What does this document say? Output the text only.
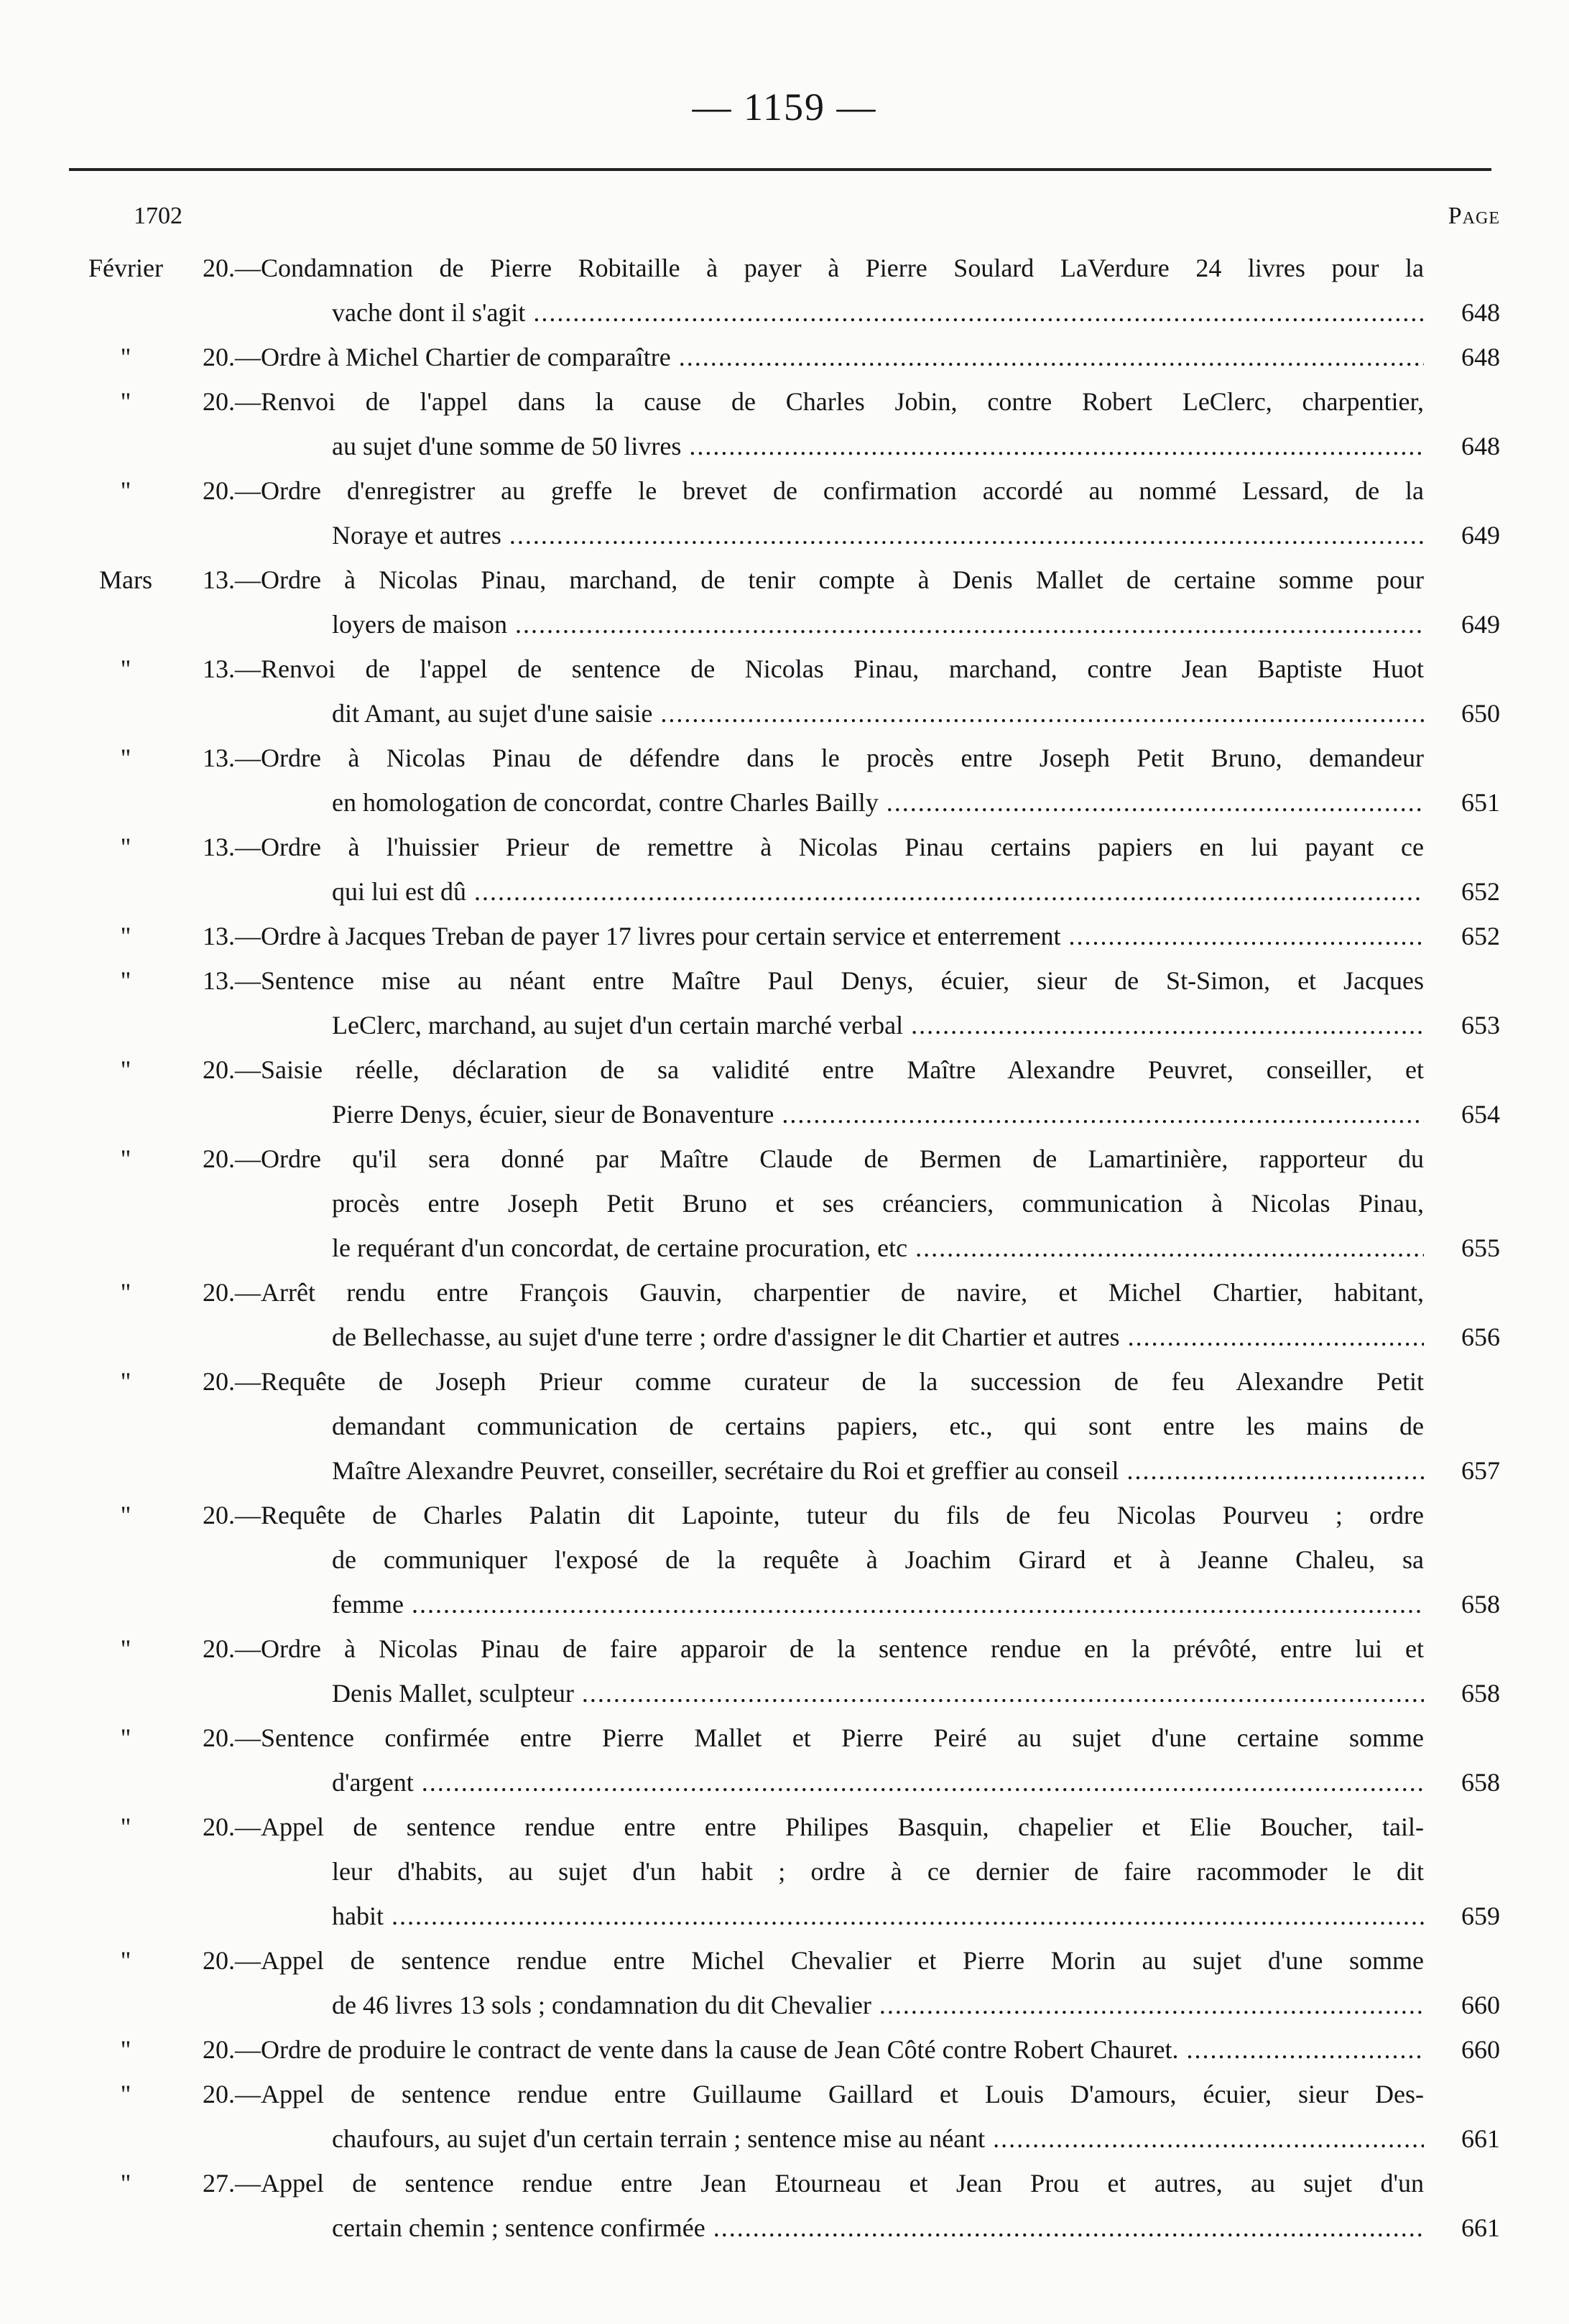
— 1159 —
1702	Page
Février	20.—Condamnation de Pierre Robitaille à payer à Pierre Soulard LaVerdure 24 livres pour la
vache dont il s'agit .....	648
"	20.—Ordre à Michel Chartier de comparaître .....	648
"	20.—Renvoi de l'appel dans la cause de Charles Jobin, contre Robert LeClerc, charpentier,
au sujet d'une somme de 50 livres .....	648
"	20.—Ordre d'enregistrer au greffe le brevet de confirmation accordé au nommé Lessard, de la
Noraye et autres .....	649
Mars	13.—Ordre à Nicolas Pinau, marchand, de tenir compte à Denis Mallet de certaine somme pour
loyers de maison .....	649
"	13.—Renvoi de l'appel de sentence de Nicolas Pinau, marchand, contre Jean Baptiste Huot
dit Amant, au sujet d'une saisie .....	650
"	13.—Ordre à Nicolas Pinau de défendre dans le procès entre Joseph Petit Bruno, demandeur
en homologation de concordat, contre Charles Bailly .....	651
"	13.—Ordre à l'huissier Prieur de remettre à Nicolas Pinau certains papiers en lui payant ce
qui lui est dû .....	652
"	13.—Ordre à Jacques Treban de payer 17 livres pour certain service et enterrement .....	652
"	13.—Sentence mise au néant entre Maître Paul Denys, écuier, sieur de St-Simon, et Jacques
LeClerc, marchand, au sujet d'un certain marché verbal .....	653
"	20.—Saisie réelle, déclaration de sa validité entre Maître Alexandre Peuvret, conseiller, et
Pierre Denys, écuier, sieur de Bonaventure .....	654
"	20.—Ordre qu'il sera donné par Maître Claude de Bermen de Lamartinière, rapporteur du
procès entre Joseph Petit Bruno et ses créanciers, communication à Nicolas Pinau,
le requérant d'un concordat, de certaine procuration, etc .....	655
"	20.—Arrêt rendu entre François Gauvin, charpentier de navire, et Michel Chartier, habitant,
de Bellechasse, au sujet d'une terre ; ordre d'assigner le dit Chartier et autres .....	656
"	20.—Requête de Joseph Prieur comme curateur de la succession de feu Alexandre Petit
demandant communication de certains papiers, etc., qui sont entre les mains de
Maître Alexandre Peuvret, conseiller, secrétaire du Roi et greffier au conseil .....	657
"	20.—Requête de Charles Palatin dit Lapointe, tuteur du fils de feu Nicolas Pourveu ; ordre
de communiquer l'exposé de la requête à Joachim Girard et à Jeanne Chaleu, sa
femme .....	658
"	20.—Ordre à Nicolas Pinau de faire apparoir de la sentence rendue en la prévôté, entre lui et
Denis Mallet, sculpteur .....	658
"	20.—Sentence confirmée entre Pierre Mallet et Pierre Peiré au sujet d'une certaine somme
d'argent .....	658
"	20.—Appel de sentence rendue entre entre Philipes Basquin, chapelier et Elie Boucher, tail-
leur d'habits, au sujet d'un habit ; ordre à ce dernier de faire racommoder le dit
habit .....	659
"	20.—Appel de sentence rendue entre Michel Chevalier et Pierre Morin au sujet d'une somme
de 46 livres 13 sols ; condamnation du dit Chevalier .....	660
"	20.—Ordre de produire le contract de vente dans la cause de Jean Côté contre Robert Chauret. .....	660
"	20.—Appel de sentence rendue entre Guillaume Gaillard et Louis D'amours, écuier, sieur Des-
chaufours, au sujet d'un certain terrain ; sentence mise au néant .....	661
"	27.—Appel de sentence rendue entre Jean Etourneau et Jean Prou et autres, au sujet d'un
certain chemin ; sentence confirmée .....	661
